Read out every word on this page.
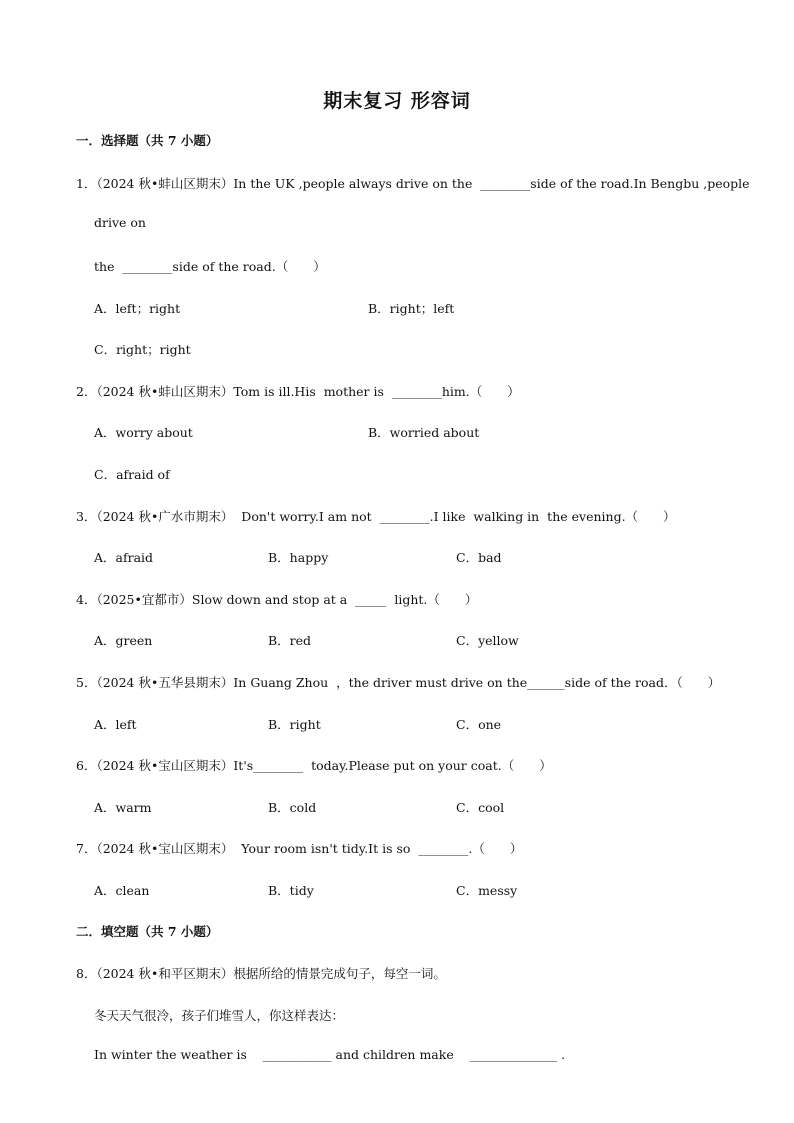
期末复习 形容词
一．选择题（共 7 小题）
1．（2024 秋•蚌山区期末）In the UK ,people always drive on the  ________side of the road.In Bengbu ,people
drive on
the  ________side of the road.（　　）
A．left；right	B．right；left
C．right；right
2．（2024 秋•蚌山区期末）Tom is ill.His  mother is  ________him.（　　）
A．worry about	B．worried about
C．afraid of
3．（2024 秋•广水市期末）  Don't worry.I am not  ________.I like  walking in  the evening.（　　）
A．afraid	B．happy	C．bad
4．（2025•宜都市）Slow down and stop at a  _____  light.（　　）
A．green	B．red	C．yellow
5．（2024 秋•五华县期末）In Guang Zhou  ，the driver must drive on the______side of the road．（　　）
A．left	B．right	C．one
6．（2024 秋•宝山区期末）It's________  today.Please put on your coat.（　　）
A．warm	B．cold	C．cool
7．（2024 秋•宝山区期末）  Your room isn't tidy.It is so  ________.（　　）
A．clean	B．tidy	C．messy
二．填空题（共 7 小题）
8．（2024 秋•和平区期末）根据所给的情景完成句子，每空一词。
冬天天气很冷，孩子们堆雪人，你这样表达：
In winter the weather is    ___________ and children make    ______________ .
